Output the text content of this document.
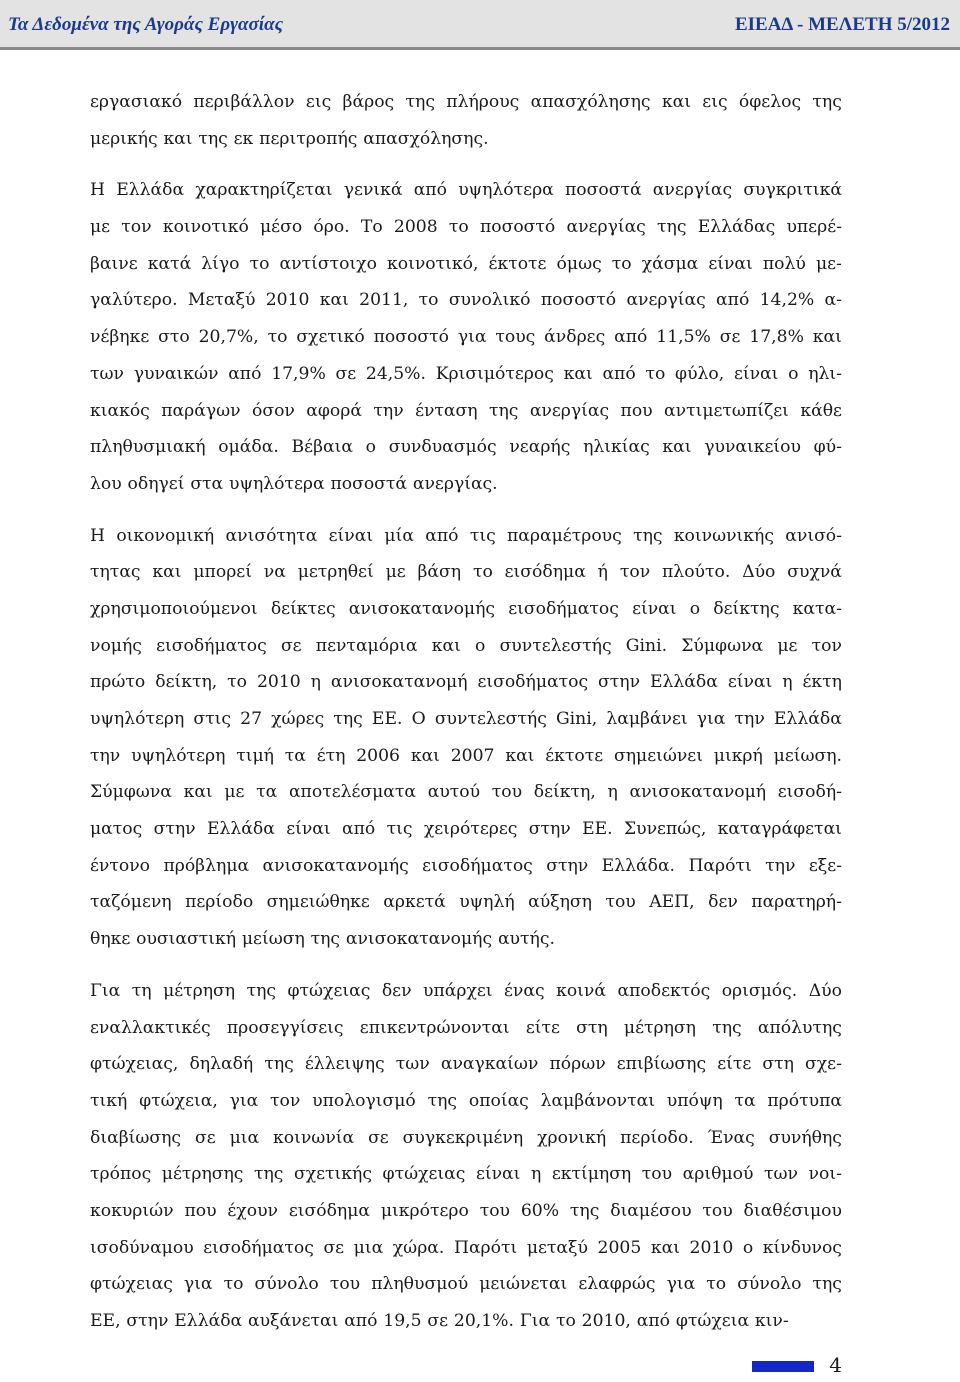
Τα Δεδομένα της Αγοράς Εργασίας	ΕΙΕΑΔ - ΜΕΛΕΤΗ 5/2012
εργασιακό περιβάλλον εις βάρος της πλήρους απασχόλησης και εις όφελος της
μερικής και της εκ περιτροπής απασχόλησης.
Η Ελλάδα χαρακτηρίζεται γενικά από υψηλότερα ποσοστά ανεργίας συγκριτικά
με τον κοινοτικό μέσο όρο. Το 2008 το ποσοστό ανεργίας της Ελλάδας υπερέ-
βαινε κατά λίγο το αντίστοιχο κοινοτικό, έκτοτε όμως το χάσμα είναι πολύ με-
γαλύτερο. Μεταξύ 2010 και 2011, το συνολικό ποσοστό ανεργίας από 14,2% α-
νέβηκε στο 20,7%, το σχετικό ποσοστό για τους άνδρες από 11,5% σε 17,8% και
των γυναικών από 17,9% σε 24,5%. Κρισιμότερος και από το φύλο, είναι ο ηλι-
κιακός παράγων όσον αφορά την ένταση της ανεργίας που αντιμετωπίζει κάθε
πληθυσμιακή ομάδα. Βέβαια ο συνδυασμός νεαρής ηλικίας και γυναικείου φύ-
λου οδηγεί στα υψηλότερα ποσοστά ανεργίας.
Η οικονομική ανισότητα είναι μία από τις παραμέτρους της κοινωνικής ανισό-
τητας και μπορεί να μετρηθεί με βάση το εισόδημα ή τον πλούτο. Δύο συχνά
χρησιμοποιούμενοι δείκτες ανισοκατανομής εισοδήματος είναι ο δείκτης κατα-
νομής εισοδήματος σε πενταμόρια και ο συντελεστής Gini. Σύμφωνα με τον
πρώτο δείκτη, το 2010 η ανισοκατανομή εισοδήματος στην Ελλάδα είναι η έκτη
υψηλότερη στις 27 χώρες της ΕΕ. Ο συντελεστής Gini, λαμβάνει για την Ελλάδα
την υψηλότερη τιμή τα έτη 2006 και 2007 και έκτοτε σημειώνει μικρή μείωση.
Σύμφωνα και με τα αποτελέσματα αυτού του δείκτη, η ανισοκατανομή εισοδή-
ματος στην Ελλάδα είναι από τις χειρότερες στην ΕΕ. Συνεπώς, καταγράφεται
έντονο πρόβλημα ανισοκατανομής εισοδήματος στην Ελλάδα. Παρότι την εξε-
ταζόμενη περίοδο σημειώθηκε αρκετά υψηλή αύξηση του ΑΕΠ, δεν παρατηρή-
θηκε ουσιαστική μείωση της ανισοκατανομής αυτής.
Για τη μέτρηση της φτώχειας δεν υπάρχει ένας κοινά αποδεκτός ορισμός. Δύο
εναλλακτικές προσεγγίσεις επικεντρώνονται είτε στη μέτρηση της απόλυτης
φτώχειας, δηλαδή της έλλειψης των αναγκαίων πόρων επιβίωσης είτε στη σχε-
τική φτώχεια, για τον υπολογισμό της οποίας λαμβάνονται υπόψη τα πρότυπα
διαβίωσης σε μια κοινωνία σε συγκεκριμένη χρονική περίοδο. Ένας συνήθης
τρόπος μέτρησης της σχετικής φτώχειας είναι η εκτίμηση του αριθμού των νοι-
κοκυριών που έχουν εισόδημα μικρότερο του 60% της διαμέσου του διαθέσιμου
ισοδύναμου εισοδήματος σε μια χώρα. Παρότι μεταξύ 2005 και 2010 ο κίνδυνος
φτώχειας για το σύνολο του πληθυσμού μειώνεται ελαφρώς για το σύνολο της
ΕΕ, στην Ελλάδα αυξάνεται από 19,5 σε 20,1%. Για το 2010, από φτώχεια κιν-
4
